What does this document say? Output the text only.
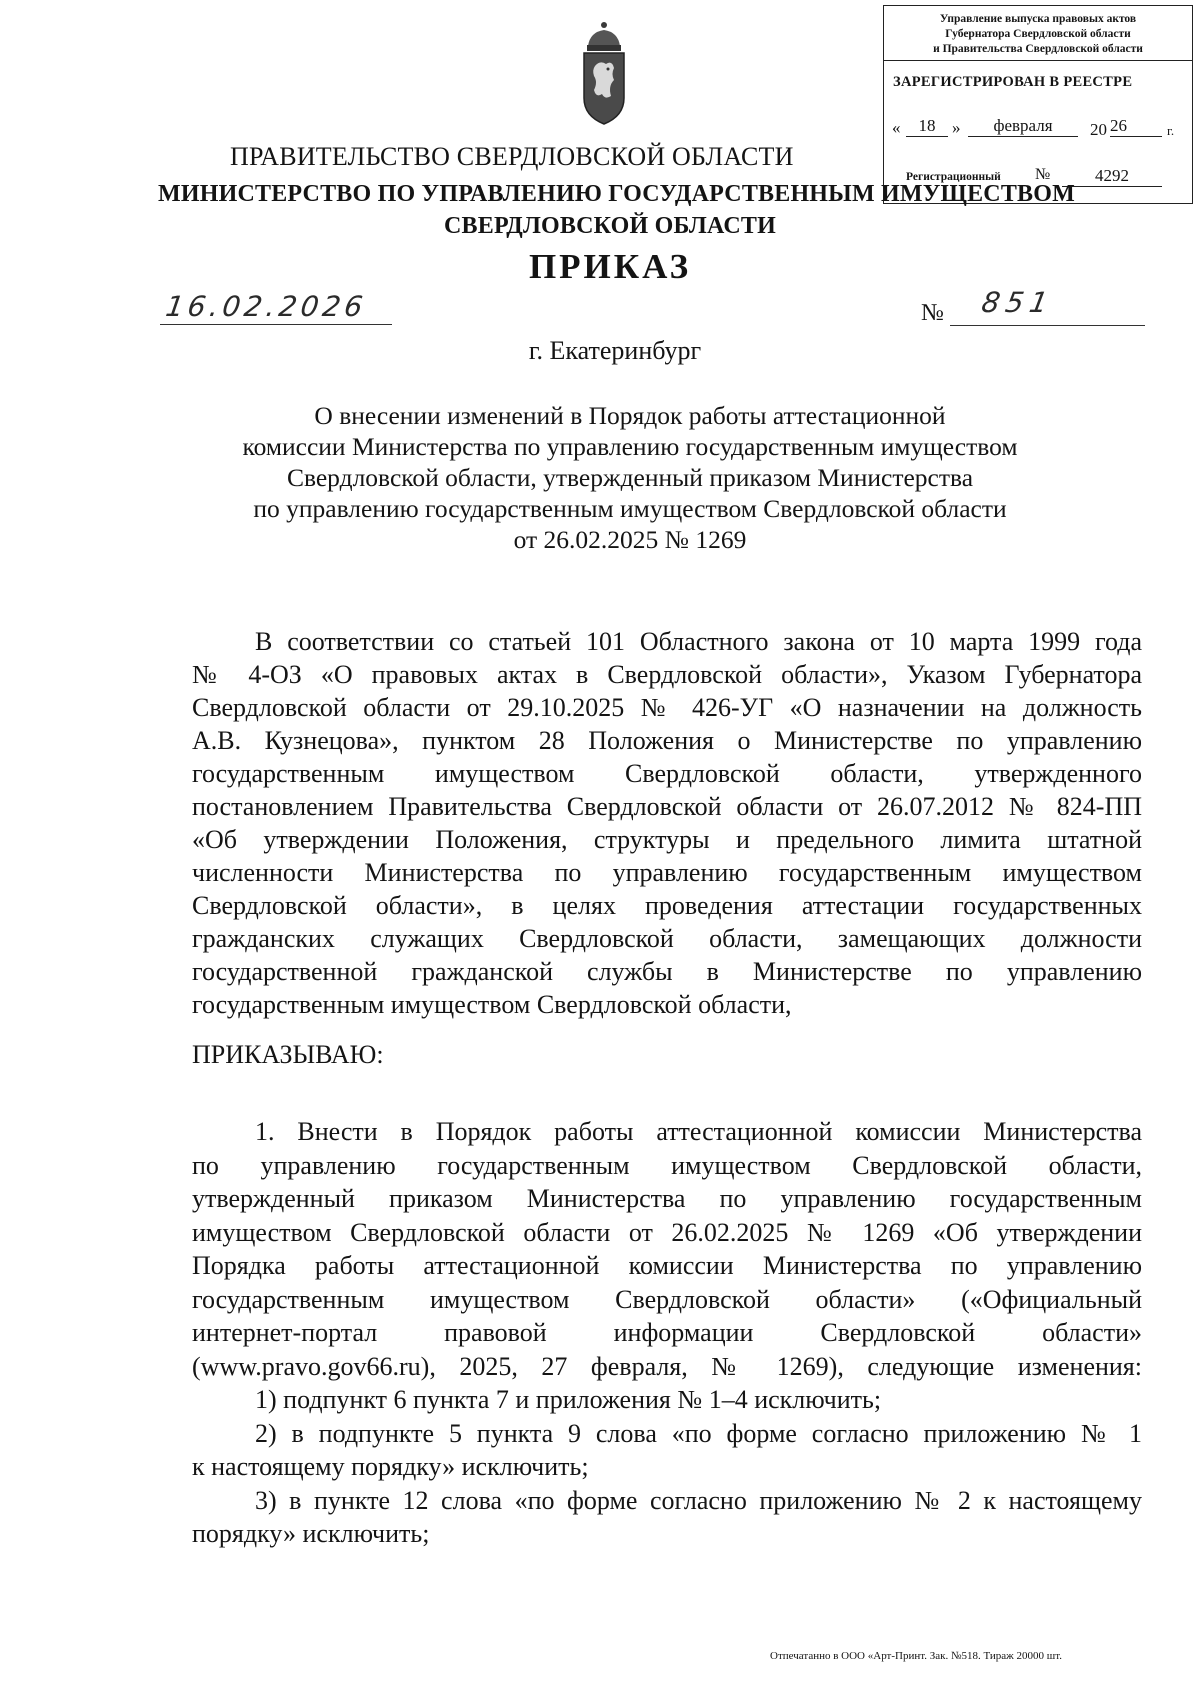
Управление выпуска правовых актов
Губернатора Свердловской области
и Правительства Свердловской области
ЗАРЕГИСТРИРОВАН В РЕЕСТРЕ
«	18 »	февраля	20 26	г.
Регистрационный №	4292
ПРАВИТЕЛЬСТВО СВЕРДЛОВСКОЙ ОБЛАСТИ
МИНИСТЕРСТВО ПО УПРАВЛЕНИЮ ГОСУДАРСТВЕННЫМ ИМУЩЕСТВОМ
СВЕРДЛОВСКОЙ ОБЛАСТИ
ПРИКАЗ
16.02.2026	№ 851
г. Екатеринбург
О внесении изменений в Порядок работы аттестационной
комиссии Министерства по управлению государственным имуществом
Свердловской области, утвержденный приказом Министерства
по управлению государственным имуществом Свердловской области
от 26.02.2025 № 1269
В соответствии со статьей 101 Областного закона от 10 марта 1999 года
№ 4-ОЗ «О правовых актах в Свердловской области», Указом Губернатора
Свердловской области от 29.10.2025 № 426-УГ «О назначении на должность
А.В. Кузнецова», пунктом 28 Положения о Министерстве по управлению
государственным имуществом Свердловской области, утвержденного
постановлением Правительства Свердловской области от 26.07.2012 № 824-ПП
«Об утверждении Положения, структуры и предельного лимита штатной
численности Министерства по управлению государственным имуществом
Свердловской области», в целях проведения аттестации государственных
гражданских служащих Свердловской области, замещающих должности
государственной гражданской службы в Министерстве по управлению
государственным имуществом Свердловской области,
ПРИКАЗЫВАЮ:
1. Внести в Порядок работы аттестационной комиссии Министерства
по управлению государственным имуществом Свердловской области,
утвержденный приказом Министерства по управлению государственным
имуществом Свердловской области от 26.02.2025 № 1269 «Об утверждении
Порядка работы аттестационной комиссии Министерства по управлению
государственным имуществом Свердловской области» («Официальный
интернет-портал правовой информации Свердловской области»
(www.pravo.gov66.ru), 2025, 27 февраля, № 1269), следующие изменения:
1) подпункт 6 пункта 7 и приложения № 1–4 исключить;
2) в подпункте 5 пункта 9 слова «по форме согласно приложению № 1
к настоящему порядку» исключить;
3) в пункте 12 слова «по форме согласно приложению № 2 к настоящему
порядку» исключить;
Отпечатанно в ООО «Арт-Принт. Зак. №518. Тираж 20000 шт.
